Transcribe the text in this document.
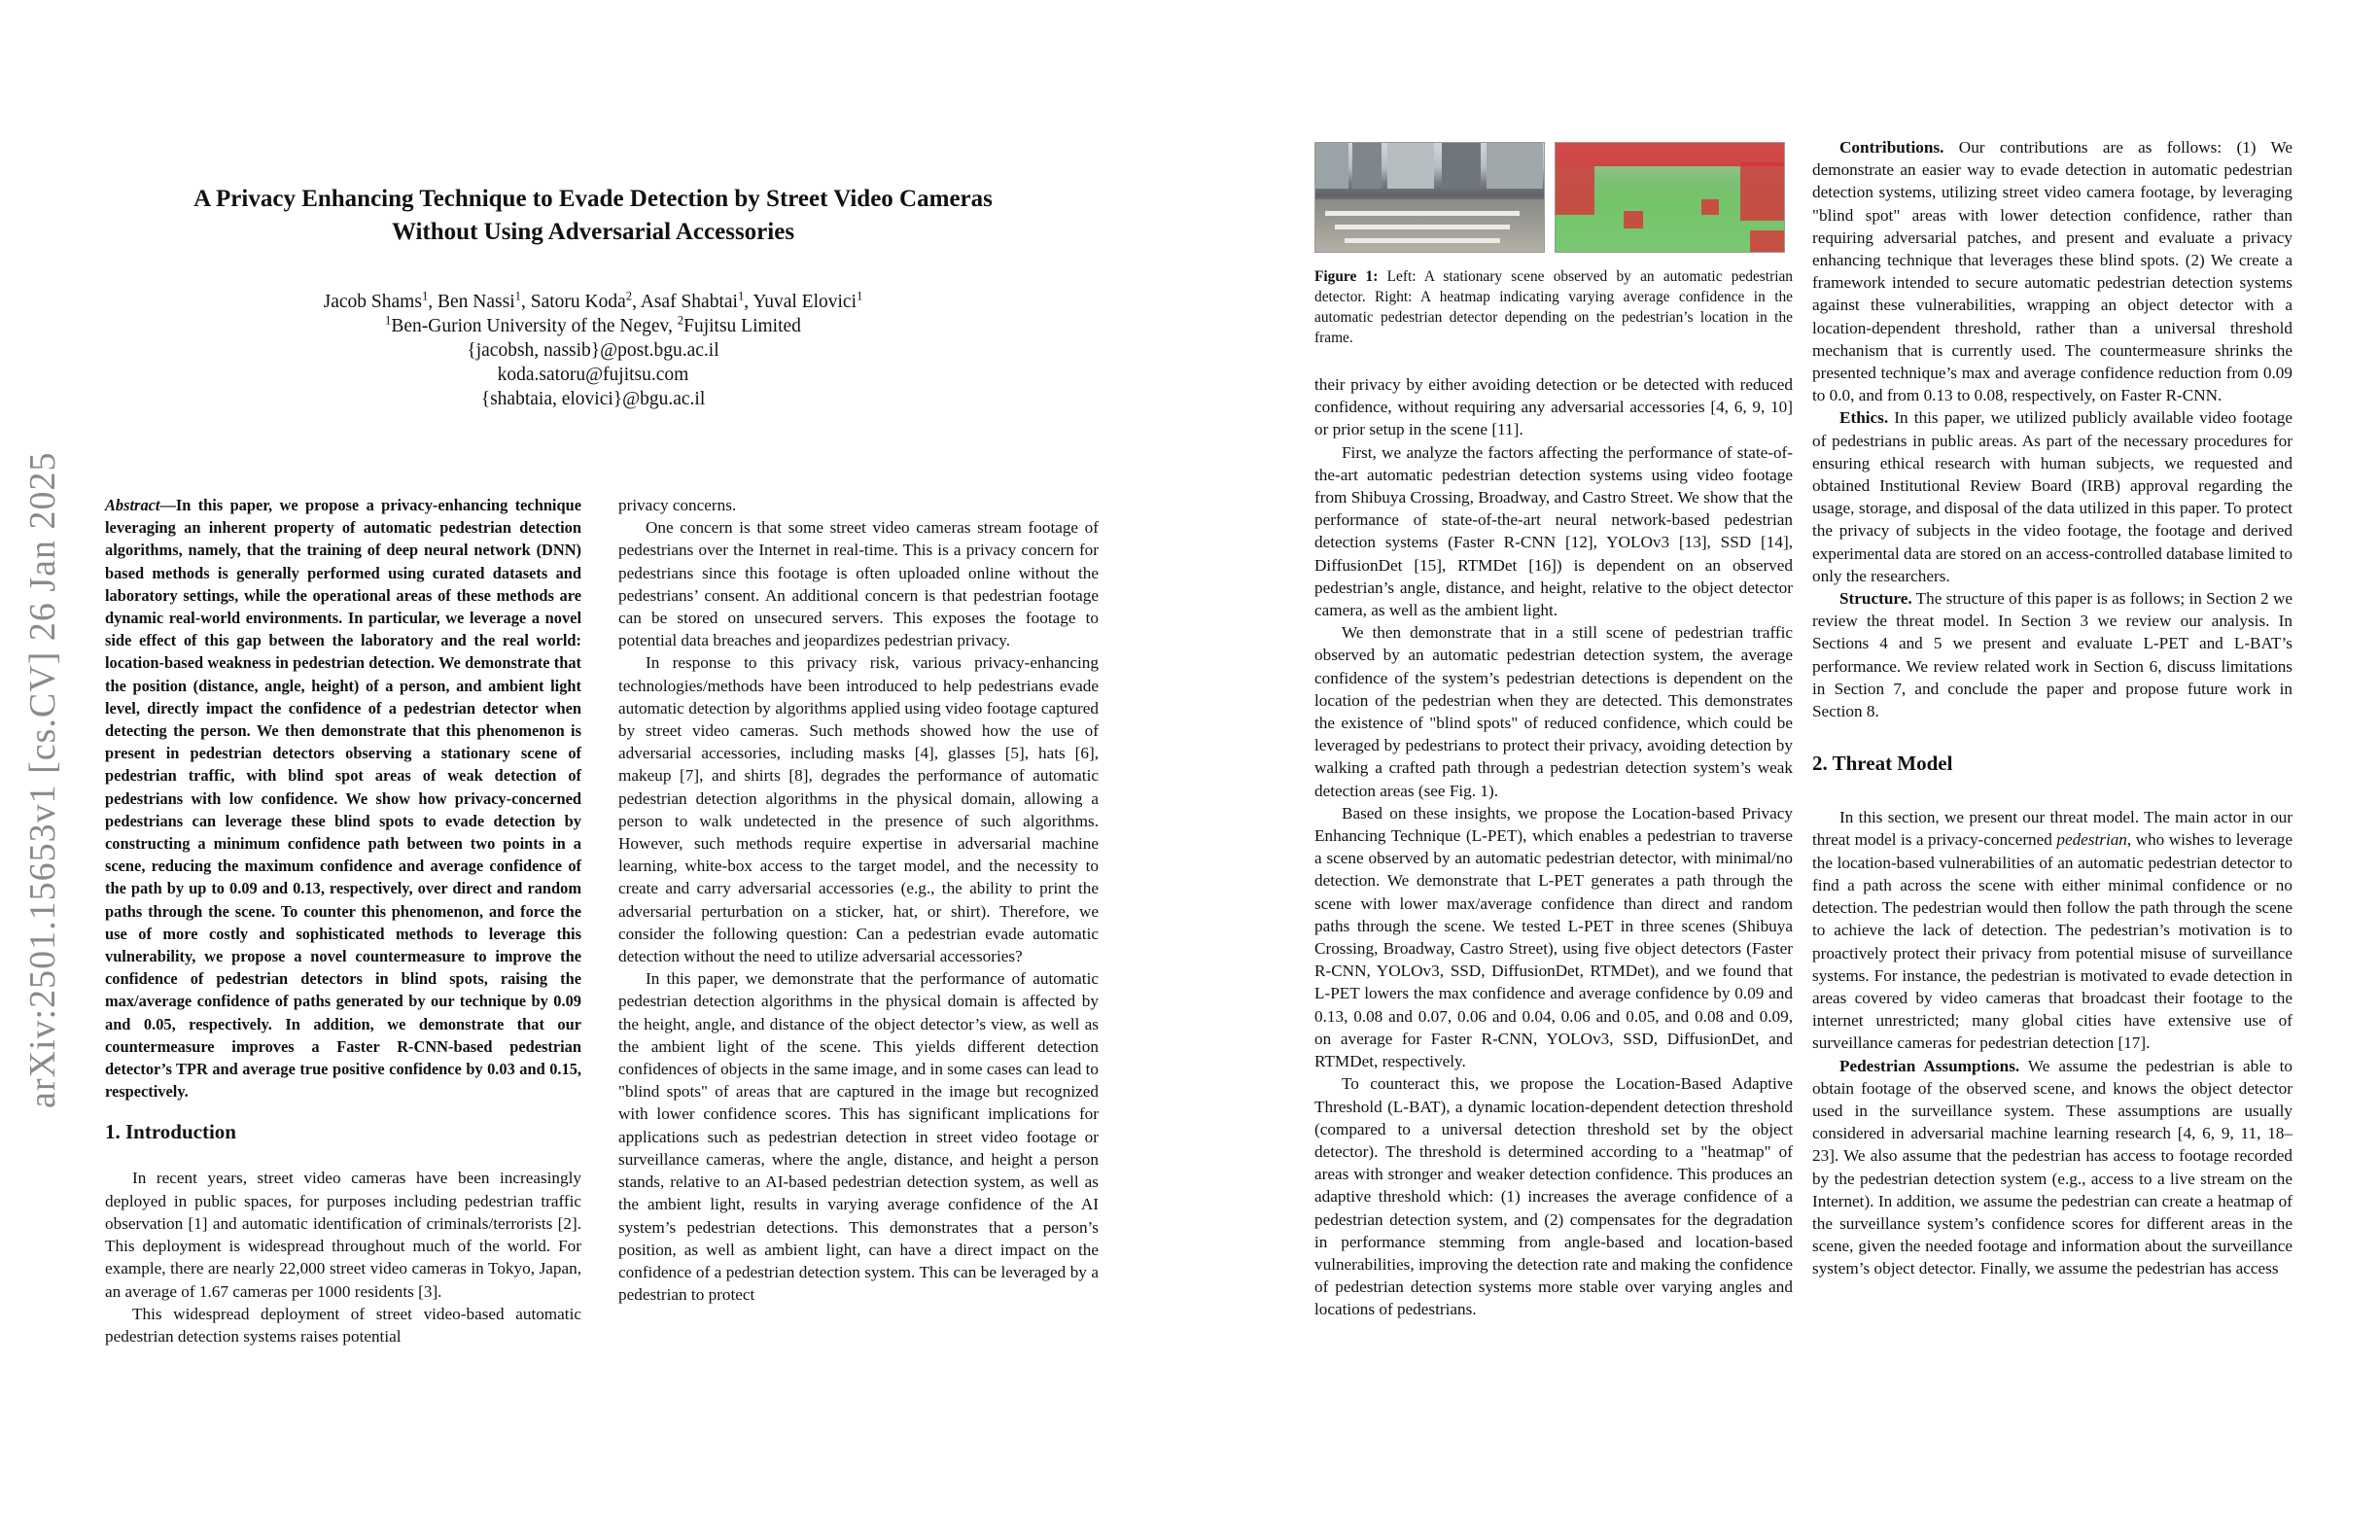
arXiv:2501.15653v1 [cs.CV] 26 Jan 2025
A Privacy Enhancing Technique to Evade Detection by Street Video Cameras
Without Using Adversarial Accessories
Jacob Shams$^1$, Ben Nassi$^1$, Satoru Koda$^2$, Asaf Shabtai$^1$, Yuval Elovici$^1$
$^1$Ben-Gurion University of the Negev, $^2$Fujitsu Limited
{jacobsh, nassib}@post.bgu.ac.il
koda.satoru@fujitsu.com
{shabtaia, elovici}@bgu.ac.il

Abstract—In this paper, we propose a privacy-enhancing technique leveraging an inherent property of automatic pedestrian detection algorithms, namely, that the training of deep neural network (DNN) based methods is generally performed using curated datasets and laboratory settings, while the operational areas of these methods are dynamic real-world environments. In particular, we leverage a novel side effect of this gap between the laboratory and the real world: location-based weakness in pedestrian detection. We demonstrate that the position (distance, angle, height) of a person, and ambient light level, directly impact the confidence of a pedestrian detector when detecting the person. We then demonstrate that this phenomenon is present in pedestrian detectors observing a stationary scene of pedestrian traffic, with blind spot areas of weak detection of pedestrians with low confidence. We show how privacy-concerned pedestrians can leverage these blind spots to evade detection by constructing a minimum confidence path between two points in a scene, reducing the maximum confidence and average confidence of the path by up to 0.09 and 0.13, respectively, over direct and random paths through the scene. To counter this phenomenon, and force the use of more costly and sophisticated methods to leverage this vulnerability, we propose a novel countermeasure to improve the confidence of pedestrian detectors in blind spots, raising the max/average confidence of paths generated by our technique by 0.09 and 0.05, respectively. In addition, we demonstrate that our countermeasure improves a Faster R-CNN-based pedestrian detector’s TPR and average true positive confidence by 0.03 and 0.15, respectively.

1. Introduction

In recent years, street video cameras have been increasingly deployed in public spaces, for purposes including pedestrian traffic observation [1] and automatic identification of criminals/terrorists [2]. This deployment is widespread throughout much of the world. For example, there are nearly 22,000 street video cameras in Tokyo, Japan, an average of 1.67 cameras per 1000 residents [3].

This widespread deployment of street video-based automatic pedestrian detection systems raises potential

privacy concerns.

One concern is that some street video cameras stream footage of pedestrians over the Internet in real-time. This is a privacy concern for pedestrians since this footage is often uploaded online without the pedestrians’ consent. An additional concern is that pedestrian footage can be stored on unsecured servers. This exposes the footage to potential data breaches and jeopardizes pedestrian privacy.

In response to this privacy risk, various privacy-enhancing technologies/methods have been introduced to help pedestrians evade automatic detection by algorithms applied using video footage captured by street video cameras. Such methods showed how the use of adversarial accessories, including masks [4], glasses [5], hats [6], makeup [7], and shirts [8], degrades the performance of automatic pedestrian detection algorithms in the physical domain, allowing a person to walk undetected in the presence of such algorithms. However, such methods require expertise in adversarial machine learning, white-box access to the target model, and the necessity to create and carry adversarial accessories (e.g., the ability to print the adversarial perturbation on a sticker, hat, or shirt). Therefore, we consider the following question: Can a pedestrian evade automatic detection without the need to utilize adversarial accessories?

In this paper, we demonstrate that the performance of automatic pedestrian detection algorithms in the physical domain is affected by the height, angle, and distance of the object detector’s view, as well as the ambient light of the scene. This yields different detection confidences of objects in the same image, and in some cases can lead to "blind spots" of areas that are captured in the image but recognized with lower confidence scores. This has significant implications for applications such as pedestrian detection in street video footage or surveillance cameras, where the angle, distance, and height a person stands, relative to an AI-based pedestrian detection system, as well as the ambient light, results in varying average confidence of the AI system’s pedestrian detections. This demonstrates that a person’s position, as well as ambient light, can have a direct impact on the confidence of a pedestrian detection system. This can be leveraged by a pedestrian to protect

Figure 1: Left: A stationary scene observed by an automatic pedestrian detector. Right: A heatmap indicating varying average confidence in the automatic pedestrian detector depending on the pedestrian’s location in the frame.

their privacy by either avoiding detection or be detected with reduced confidence, without requiring any adversarial accessories [4, 6, 9, 10] or prior setup in the scene [11].

First, we analyze the factors affecting the performance of state-of-the-art automatic pedestrian detection systems using video footage from Shibuya Crossing, Broadway, and Castro Street. We show that the performance of state-of-the-art neural network-based pedestrian detection systems (Faster R-CNN [12], YOLOv3 [13], SSD [14], DiffusionDet [15], RTMDet [16]) is dependent on an observed pedestrian’s angle, distance, and height, relative to the object detector camera, as well as the ambient light.

We then demonstrate that in a still scene of pedestrian traffic observed by an automatic pedestrian detection system, the average confidence of the system’s pedestrian detections is dependent on the location of the pedestrian when they are detected. This demonstrates the existence of "blind spots" of reduced confidence, which could be leveraged by pedestrians to protect their privacy, avoiding detection by walking a crafted path through a pedestrian detection system’s weak detection areas (see Fig. 1).

Based on these insights, we propose the Location-based Privacy Enhancing Technique (L-PET), which enables a pedestrian to traverse a scene observed by an automatic pedestrian detector, with minimal/no detection. We demonstrate that L-PET generates a path through the scene with lower max/average confidence than direct and random paths through the scene. We tested L-PET in three scenes (Shibuya Crossing, Broadway, Castro Street), using five object detectors (Faster R-CNN, YOLOv3, SSD, DiffusionDet, RTMDet), and we found that L-PET lowers the max confidence and average confidence by 0.09 and 0.13, 0.08 and 0.07, 0.06 and 0.04, 0.06 and 0.05, and 0.08 and 0.09, on average for Faster R-CNN, YOLOv3, SSD, DiffusionDet, and RTMDet, respectively.

To counteract this, we propose the Location-Based Adaptive Threshold (L-BAT), a dynamic location-dependent detection threshold (compared to a universal detection threshold set by the object detector). The threshold is determined according to a "heatmap" of areas with stronger and weaker detection confidence. This produces an adaptive threshold which: (1) increases the average confidence of a pedestrian detection system, and (2) compensates for the degradation in performance stemming from angle-based and location-based vulnerabilities, improving the detection rate and making the confidence of pedestrian detection systems more stable over varying angles and locations of pedestrians.

Contributions. Our contributions are as follows: (1) We demonstrate an easier way to evade detection in automatic pedestrian detection systems, utilizing street video camera footage, by leveraging "blind spot" areas with lower detection confidence, rather than requiring adversarial patches, and present and evaluate a privacy enhancing technique that leverages these blind spots. (2) We create a framework intended to secure automatic pedestrian detection systems against these vulnerabilities, wrapping an object detector with a location-dependent threshold, rather than a universal threshold mechanism that is currently used. The countermeasure shrinks the presented technique’s max and average confidence reduction from 0.09 to 0.0, and from 0.13 to 0.08, respectively, on Faster R-CNN.

Ethics. In this paper, we utilized publicly available video footage of pedestrians in public areas. As part of the necessary procedures for ensuring ethical research with human subjects, we requested and obtained Institutional Review Board (IRB) approval regarding the usage, storage, and disposal of the data utilized in this paper. To protect the privacy of subjects in the video footage, the footage and derived experimental data are stored on an access-controlled database limited to only the researchers.

Structure. The structure of this paper is as follows; in Section 2 we review the threat model. In Section 3 we review our analysis. In Sections 4 and 5 we present and evaluate L-PET and L-BAT’s performance. We review related work in Section 6, discuss limitations in Section 7, and conclude the paper and propose future work in Section 8.

2. Threat Model

In this section, we present our threat model. The main actor in our threat model is a privacy-concerned pedestrian, who wishes to leverage the location-based vulnerabilities of an automatic pedestrian detector to find a path across the scene with either minimal confidence or no detection. The pedestrian would then follow the path through the scene to achieve the lack of detection. The pedestrian’s motivation is to proactively protect their privacy from potential misuse of surveillance systems. For instance, the pedestrian is motivated to evade detection in areas covered by video cameras that broadcast their footage to the internet unrestricted; many global cities have extensive use of surveillance cameras for pedestrian detection [17].

Pedestrian Assumptions. We assume the pedestrian is able to obtain footage of the observed scene, and knows the object detector used in the surveillance system. These assumptions are usually considered in adversarial machine learning research [4, 6, 9, 11, 18–23]. We also assume that the pedestrian has access to footage recorded by the pedestrian detection system (e.g., access to a live stream on the Internet). In addition, we assume the pedestrian can create a heatmap of the surveillance system’s confidence scores for different areas in the scene, given the needed footage and information about the surveillance system’s object detector. Finally, we assume the pedestrian has access
